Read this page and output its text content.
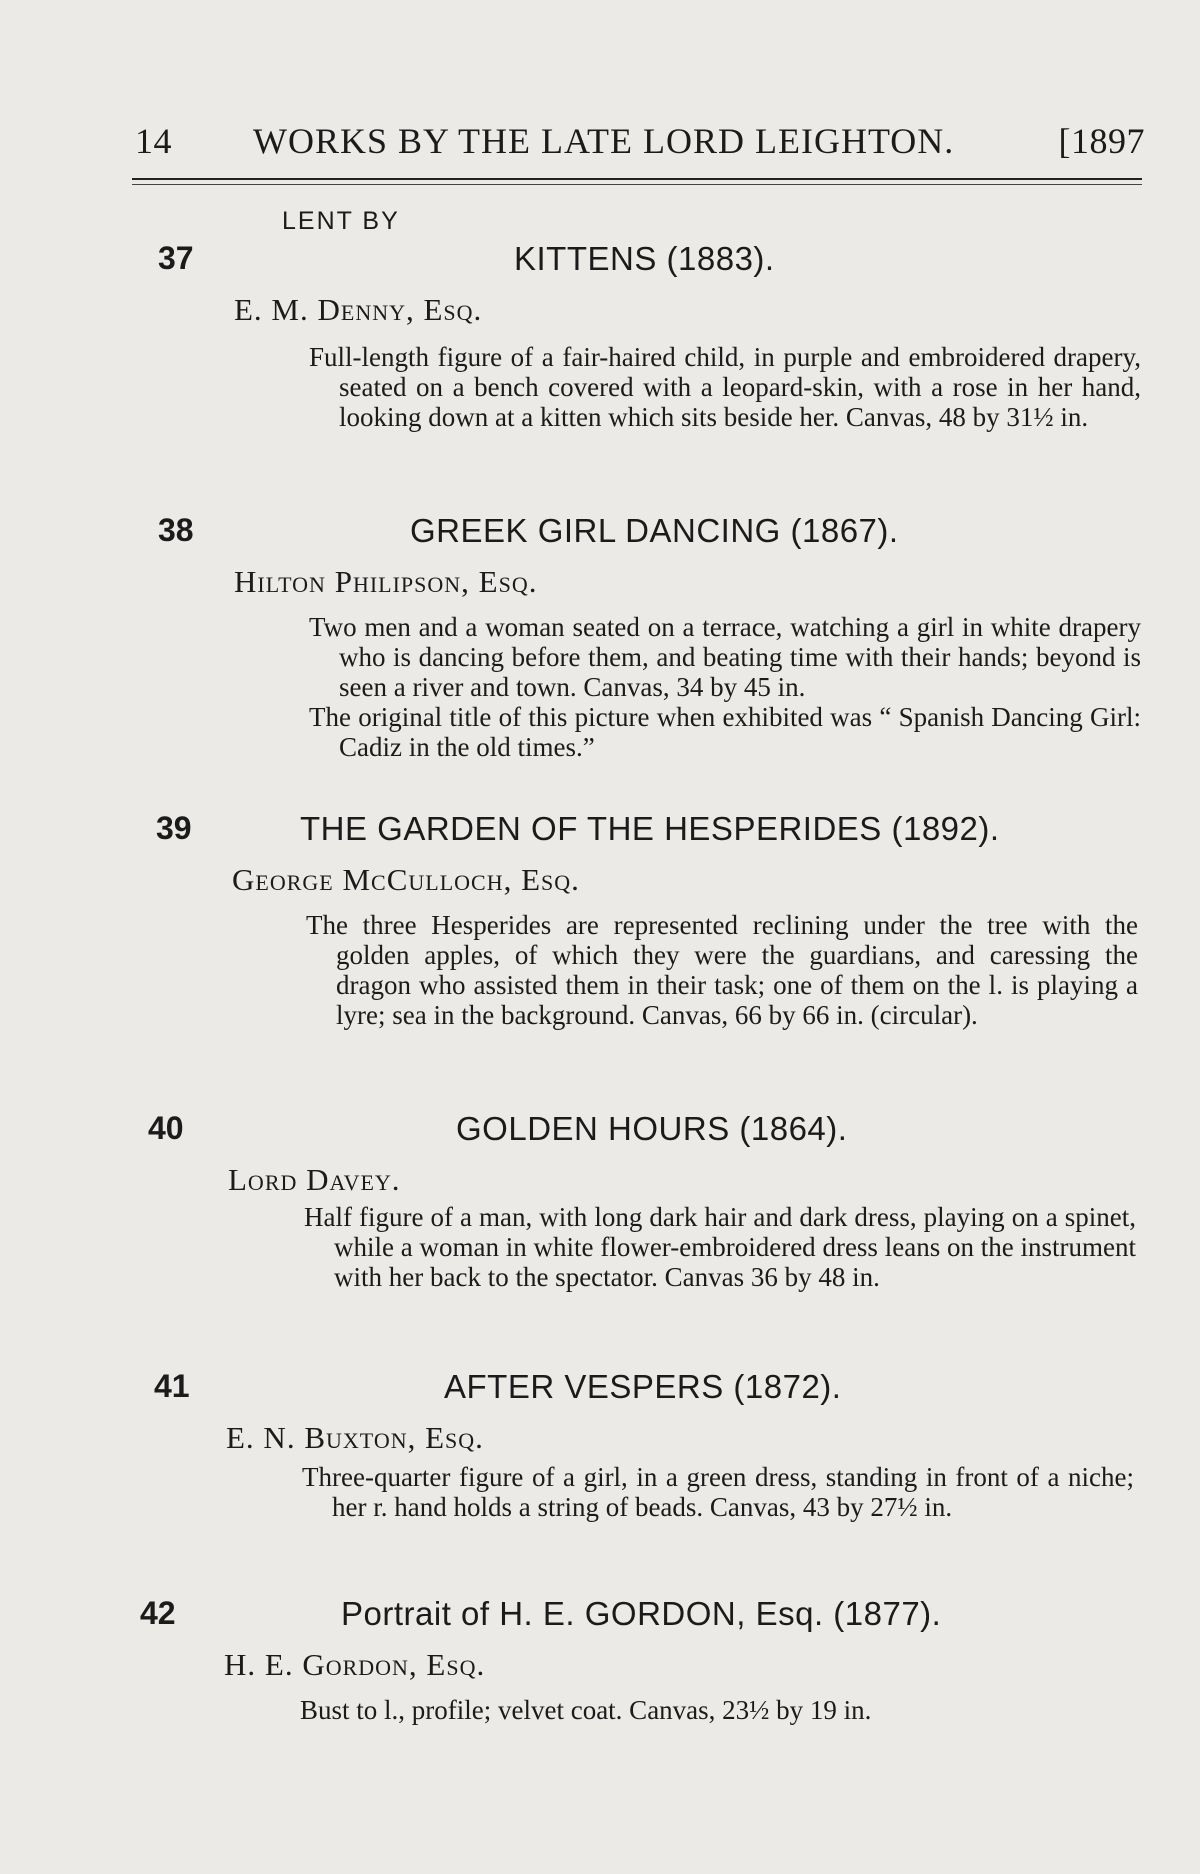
14 WORKS BY THE LATE LORD LEIGHTON.	[1897
LENT BY
37	KITTENS (1883).
E. M. Denny, Esq.

Full-length figure of a fair-haired child, in purple and embroidered drapery, seated on a bench covered with a leopard-skin, with a rose in her hand, looking down at a kitten which sits beside her. Canvas, 48 by 31½ in.

38	GREEK GIRL DANCING (1867).
Hilton Philipson, Esq.

Two men and a woman seated on a terrace, watching a girl in white drapery who is dancing before them, and beating time with their hands; beyond is seen a river and town. Canvas, 34 by 45 in.

The original title of this picture when exhibited was “ Spanish Dancing Girl: Cadiz in the old times.”

39	THE GARDEN OF THE HESPERIDES (1892).
George McCulloch, Esq.

The three Hesperides are represented reclining under the tree with the golden apples, of which they were the guardians, and caressing the dragon who assisted them in their task; one of them on the l. is playing a lyre; sea in the background. Canvas, 66 by 66 in. (circular).

40	GOLDEN HOURS (1864).
Lord Davey.

Half figure of a man, with long dark hair and dark dress, playing on a spinet, while a woman in white flower-embroidered dress leans on the instrument with her back to the spectator. Canvas 36 by 48 in.

41	AFTER VESPERS (1872).
E. N. Buxton, Esq.

Three-quarter figure of a girl, in a green dress, standing in front of a niche; her r. hand holds a string of beads. Canvas, 43 by 27½ in.

42	Portrait of H. E. GORDON, Esq. (1877).
H. E. Gordon, Esq.

Bust to l., profile; velvet coat. Canvas, 23½ by 19 in.
